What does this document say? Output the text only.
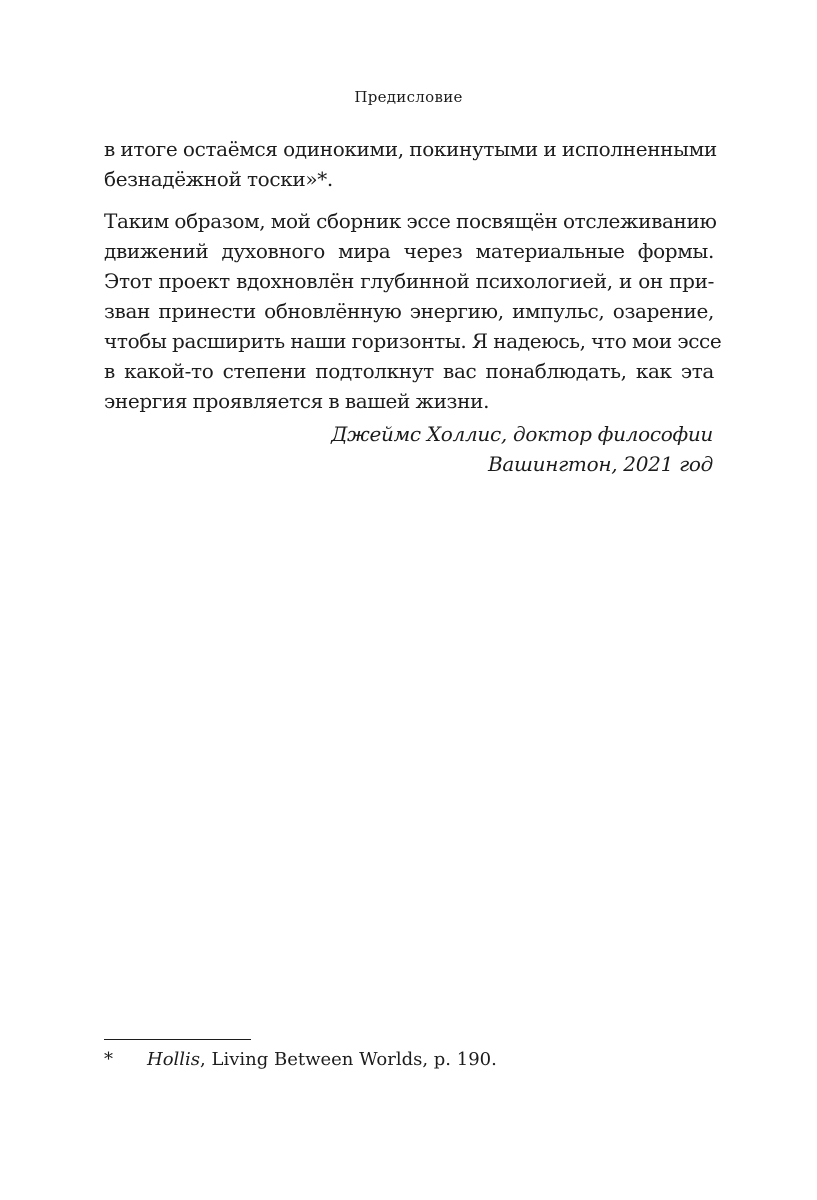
Предисловие
в итоге остаёмся одинокими, покинутыми и исполненными
безнадёжной тоски»*.
Таким образом, мой сборник эссе посвящён отслеживанию
движений духовного мира через материальные формы.
Этот проект вдохновлён глубинной психологией, и он при-
зван принести обновлённую энергию, импульс, озарение,
чтобы расширить наши горизонты. Я надеюсь, что мои эссе
в какой-то степени подтолкнут вас понаблюдать, как эта
энергия проявляется в вашей жизни.
Джеймс Холлис, доктор философии
Вашингтон, 2021 год
* Hollis, Living Between Worlds, p. 190.
